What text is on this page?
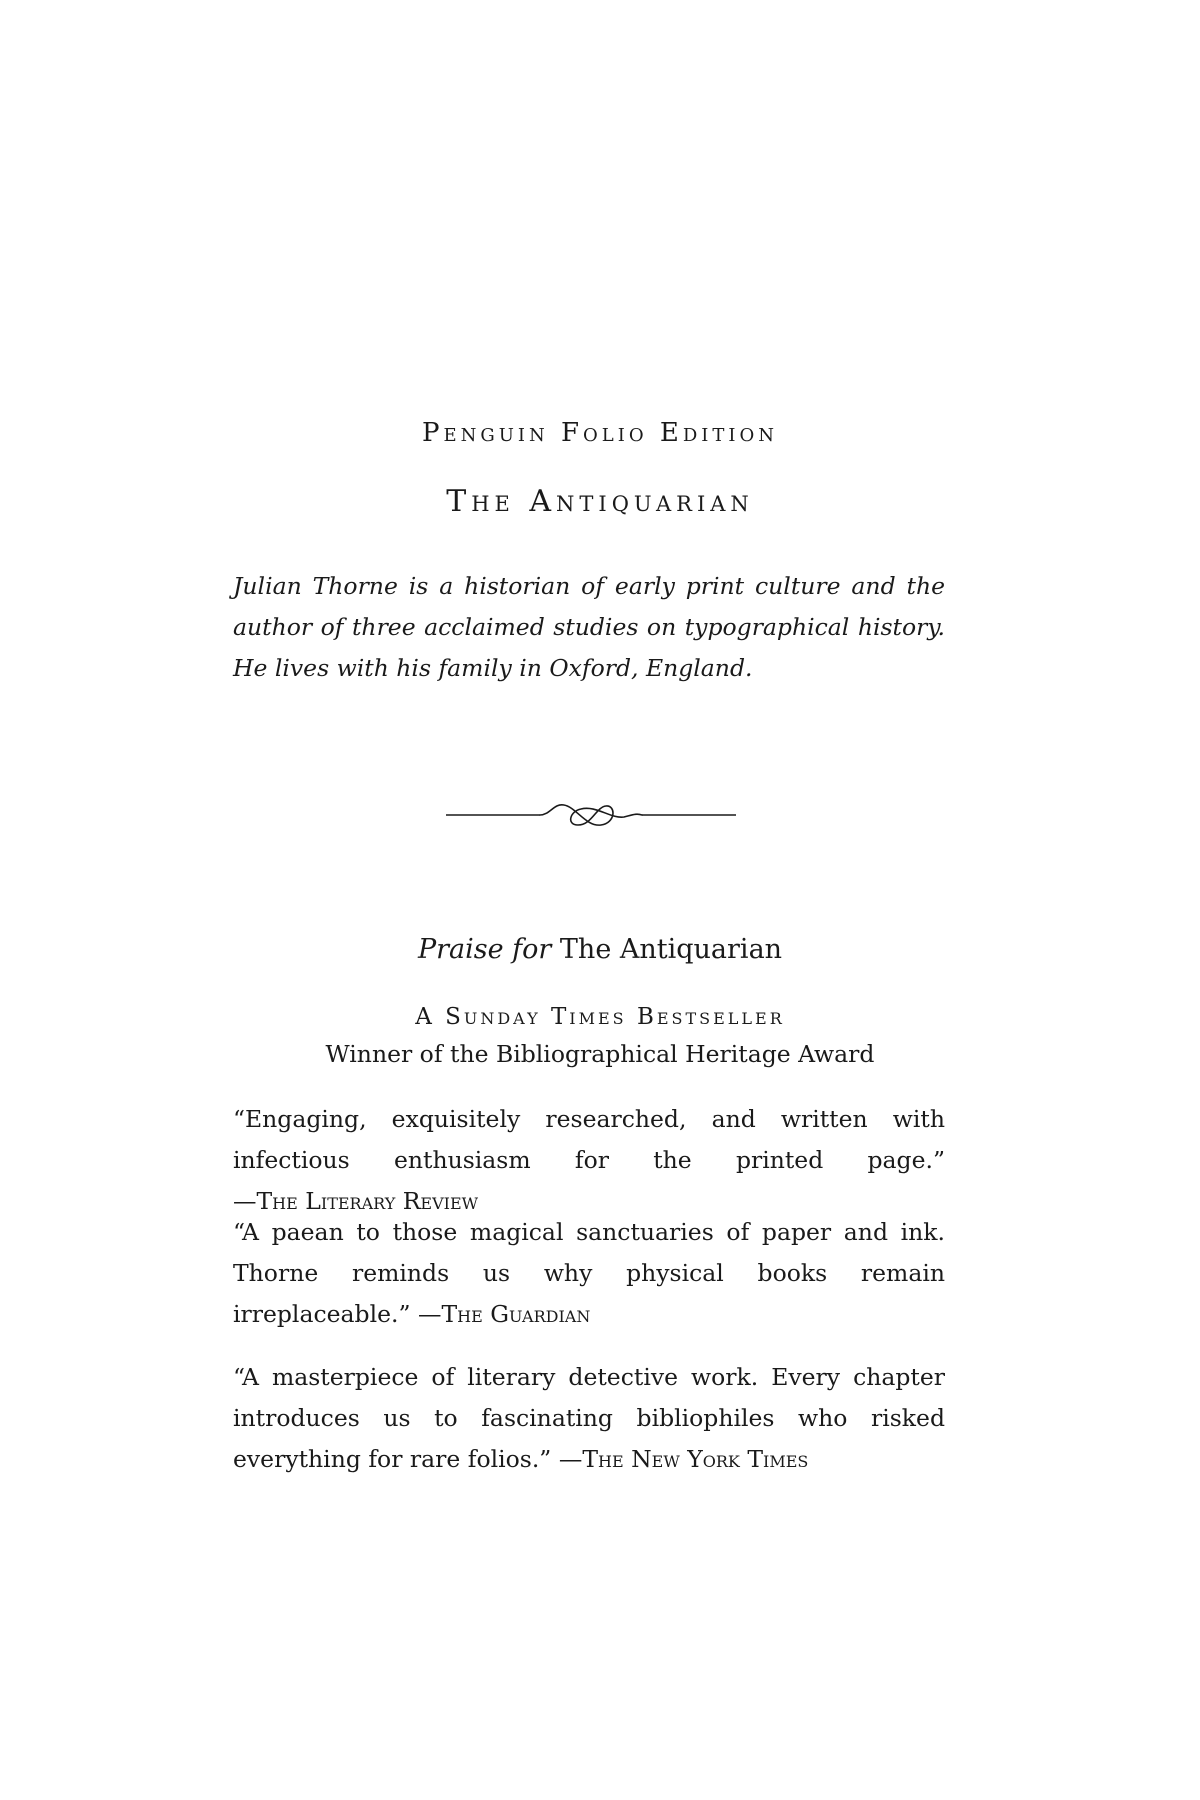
Penguin Folio Edition
The Antiquarian

Julian Thorne is a historian of early print culture and the author of three acclaimed studies on typographical history. He lives with his family in Oxford, England.

Praise for The Antiquarian
A Sunday Times Bestseller
Winner of the Bibliographical Heritage Award

“Engaging, exquisitely researched, and written with infectious enthusiasm for the printed page.” —The Literary Review

“A paean to those magical sanctuaries of paper and ink. Thorne reminds us why physical books remain irreplaceable.” —The Guardian

“A masterpiece of literary detective work. Every chapter introduces us to fascinating bibliophiles who risked everything for rare folios.” —The New York Times
